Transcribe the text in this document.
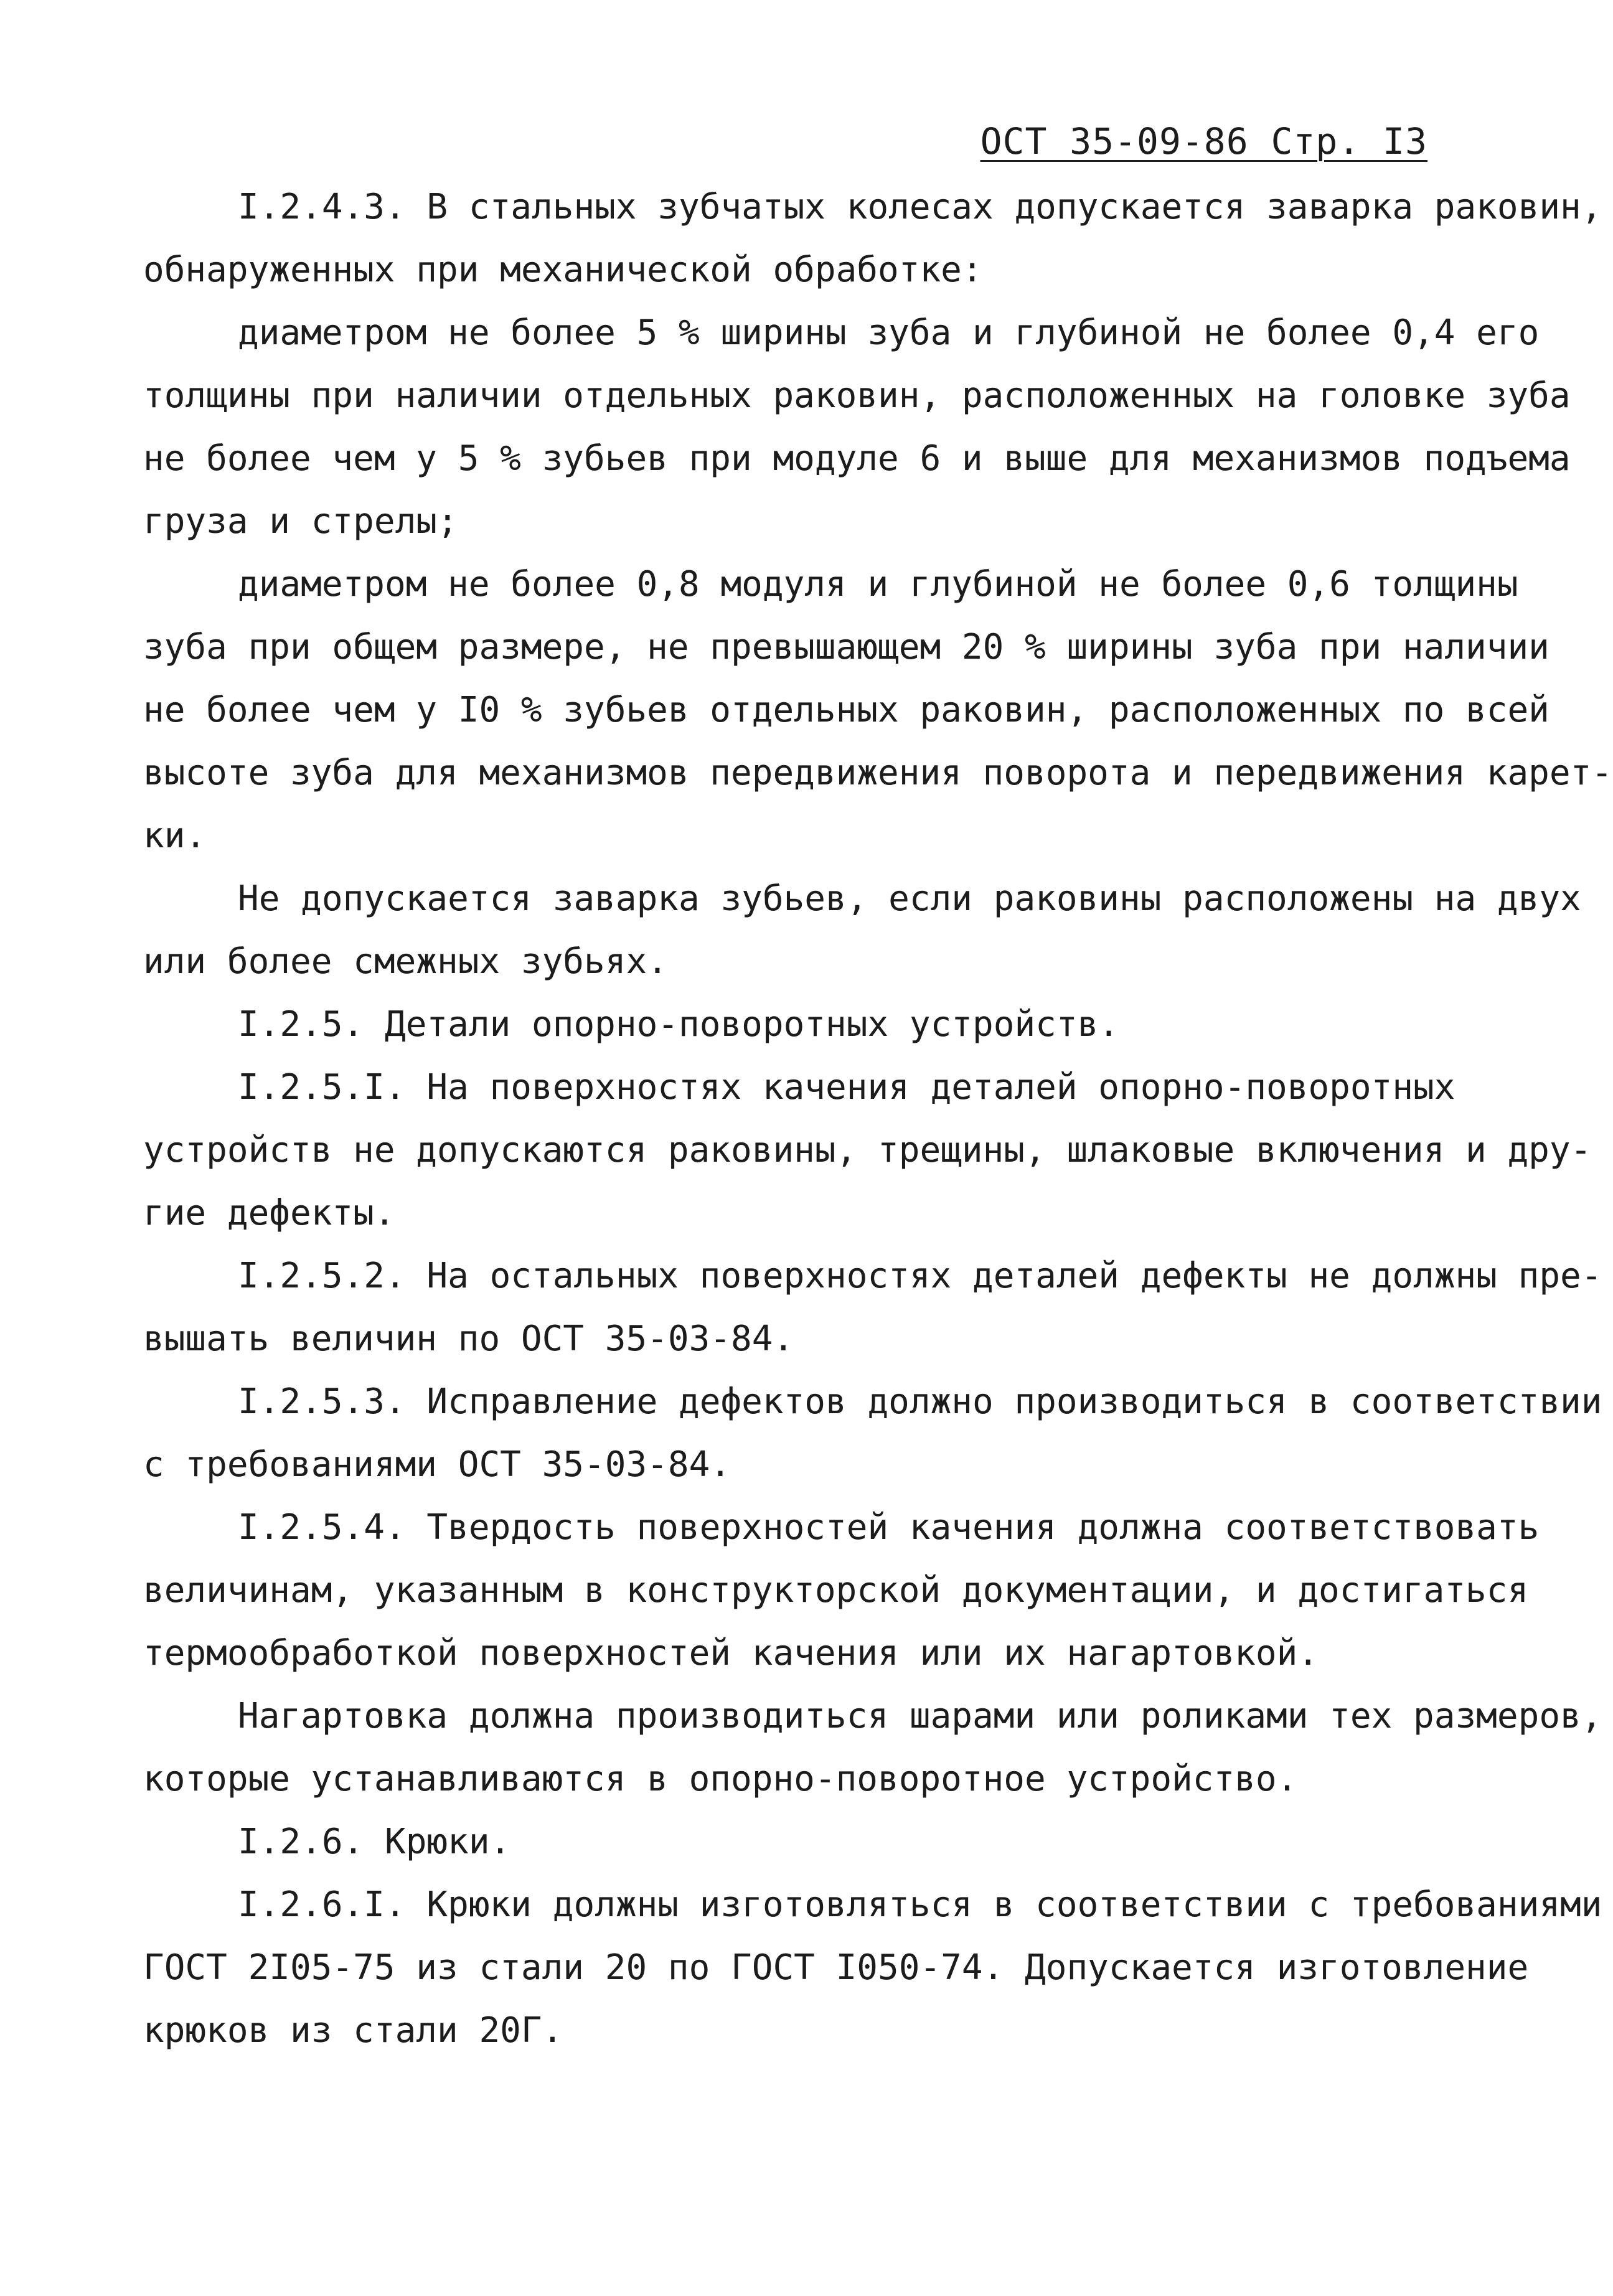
ОСТ 35-09-86 Стр. I3
I.2.4.3. В стальных зубчатых колесах допускается заварка раковин,
обнаруженных при механической обработке:
диаметром не более 5 % ширины зуба и глубиной не более 0,4 его
толщины при наличии отдельных раковин, расположенных на головке зуба
не более чем у 5 % зубьев при модуле 6 и выше для механизмов подъема
груза и стрелы;
диаметром не более 0,8 модуля и глубиной не более 0,6 толщины
зуба при общем размере, не превышающем 20 % ширины зуба при наличии
не более чем у I0 % зубьев отдельных раковин, расположенных по всей
высоте зуба для механизмов передвижения поворота и передвижения карет-
ки.
Не допускается заварка зубьев, если раковины расположены на двух
или более смежных зубьях.
I.2.5. Детали опорно-поворотных устройств.
I.2.5.I. На поверхностях качения деталей опорно-поворотных
устройств не допускаются раковины, трещины, шлаковые включения и дру-
гие дефекты.
I.2.5.2. На остальных поверхностях деталей дефекты не должны пре-
вышать величин по ОСТ 35-03-84.
I.2.5.3. Исправление дефектов должно производиться в соответствии
с требованиями ОСТ 35-03-84.
I.2.5.4. Твердость поверхностей качения должна соответствовать
величинам, указанным в конструкторской документации, и достигаться
термообработкой поверхностей качения или их нагартовкой.
Нагартовка должна производиться шарами или роликами тех размеров,
которые устанавливаются в опорно-поворотное устройство.
I.2.6. Крюки.
I.2.6.I. Крюки должны изготовляться в соответствии с требованиями
ГОСТ 2I05-75 из стали 20 по ГОСТ I050-74. Допускается изготовление
крюков из стали 20Г.
